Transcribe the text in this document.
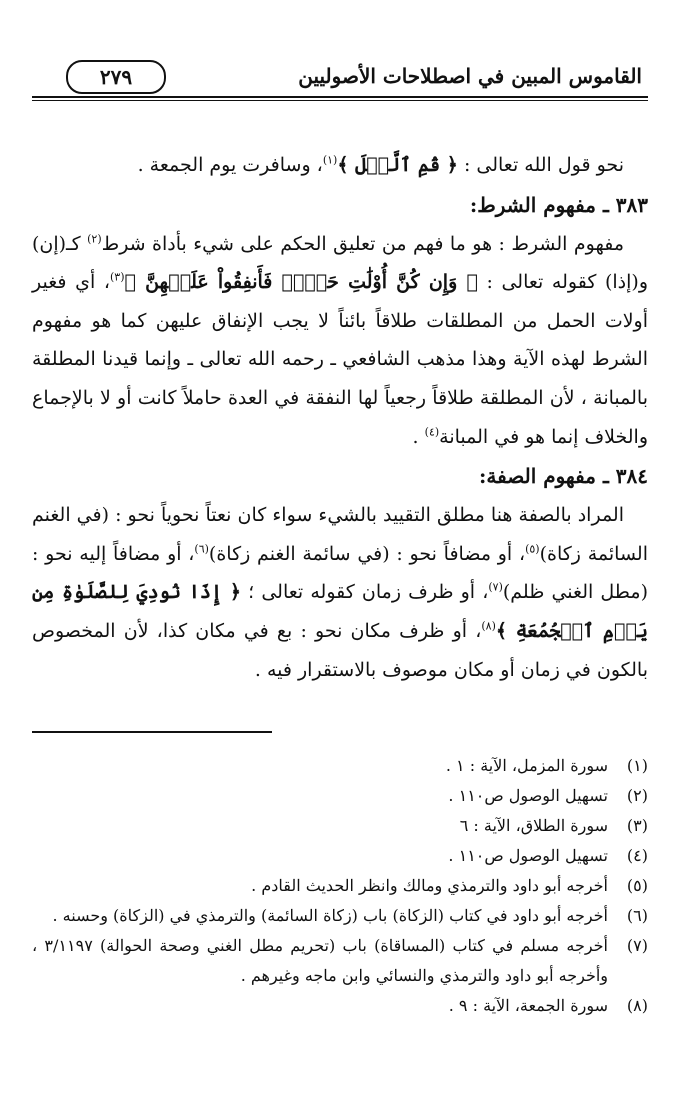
القاموس المبين في اصطلاحات الأصوليين
٢٧٩

نحو قول الله تعالى : ﴿ قُمِ ٱلَّيۡلَ ﴾$^{(١)}$، وسافرت يوم الجمعة .

٣٨٣ ـ مفهوم الشرط:

مفهوم الشرط : هو ما فهم من تعليق الحكم على شيء بأداة شرط$^{(٢)}$ كـ(إن) و(إذا) كقوله تعالى : ﴿ وَإِن كُنَّ أُوْلَٰتِ حَمۡلٖ فَأَنفِقُواْ عَلَيۡهِنَّ ﴾$^{(٣)}$، أي فغير أولات الحمل من المطلقات طلاقاً بائناً لا يجب الإنفاق عليهن كما هو مفهوم الشرط لهذه الآية وهذا مذهب الشافعي ـ رحمه الله تعالى ـ وإنما قيدنا المطلقة بالمبانة ، لأن المطلقة طلاقاً رجعياً لها النفقة في العدة حاملاً كانت أو لا بالإجماع والخلاف إنما هو في المبانة$^{(٤)}$ .

٣٨٤ ـ مفهوم الصفة:

المراد بالصفة هنا مطلق التقييد بالشيء سواء كان نعتاً نحوياً نحو : (في الغنم السائمة زكاة)$^{(٥)}$، أو مضافاً نحو : (في سائمة الغنم زكاة)$^{(٦)}$، أو مضافاً إليه نحو : (مطل الغني ظلم)$^{(٧)}$، أو ظرف زمان كقوله تعالى ؛ ﴿ إِذَا نُودِيَ لِلصَّلَوٰةِ مِن يَوۡمِ ٱلۡجُمُعَةِ ﴾$^{(٨)}$، أو ظرف مكان نحو : بع في مكان كذا، لأن المخصوص بالكون في زمان أو مكان موصوف بالاستقرار فيه .

(١)
سورة المزمل، الآية : ١ .
(٢)
تسهيل الوصول ص١١٠ .
(٣)
سورة الطلاق، الآية : ٦
(٤)
تسهيل الوصول ص١١٠ .
(٥)
أخرجه أبو داود والترمذي ومالك وانظر الحديث القادم .
(٦)
أخرجه أبو داود في كتاب (الزكاة) باب (زكاة السائمة) والترمذي في (الزكاة) وحسنه .
(٧)
أخرجه مسلم في كتاب (المساقاة) باب (تحريم مطل الغني وصحة الحوالة) ٣/١١٩٧ ، وأخرجه أبو داود والترمذي والنسائي وابن ماجه وغيرهم .
(٨)
سورة الجمعة، الآية : ٩ .
